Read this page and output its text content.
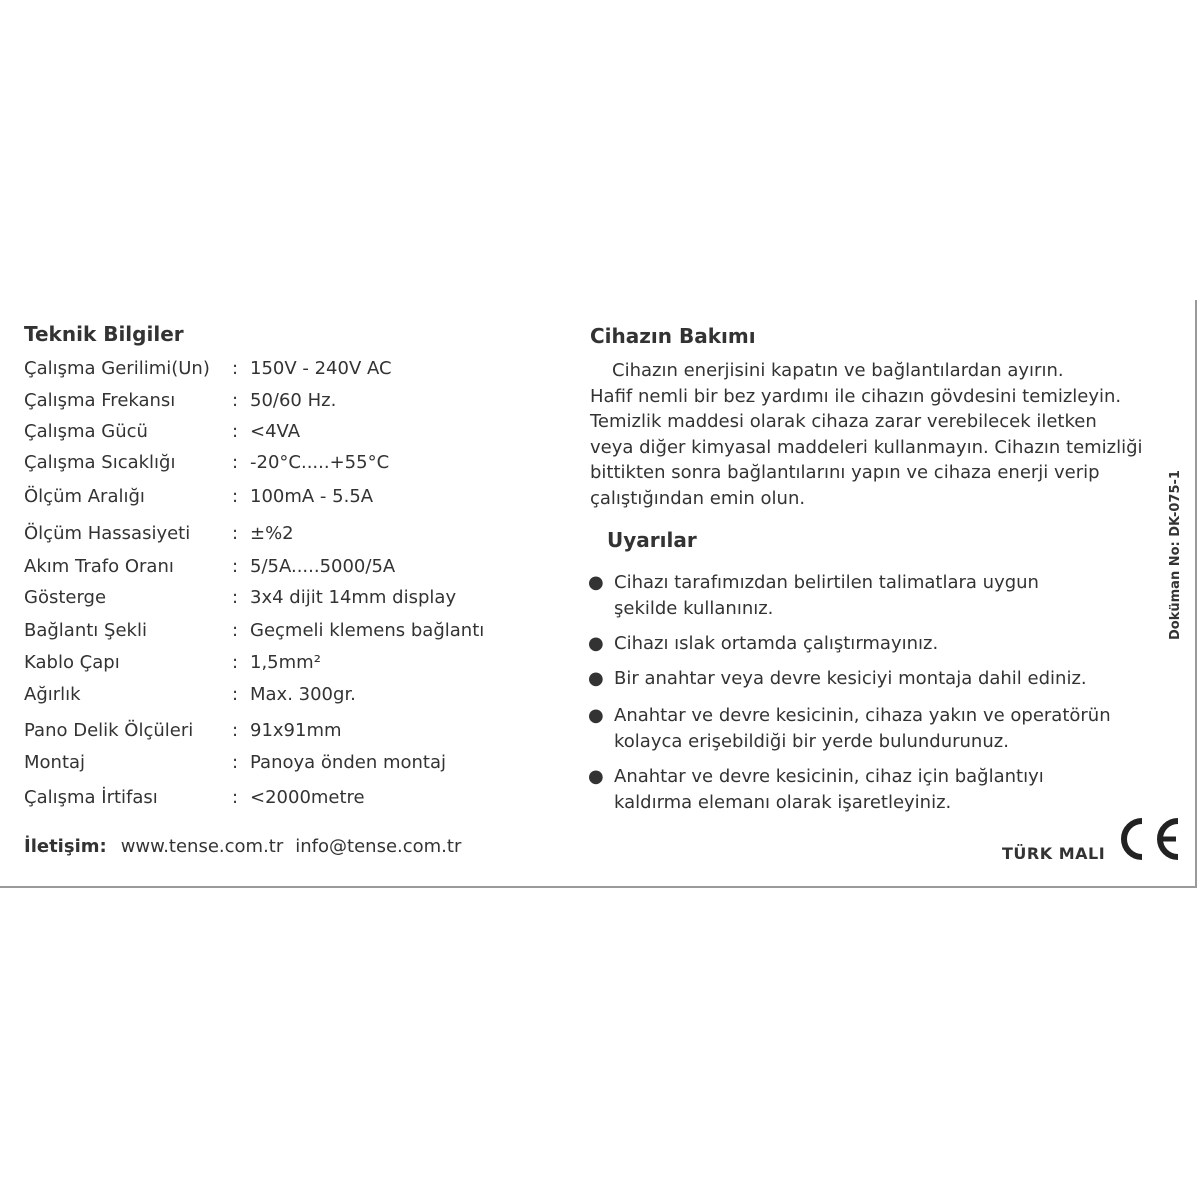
Teknik Bilgiler
Çalışma Gerilimi(Un) : 150V - 240V AC
Çalışma Frekansı	: 50/60 Hz.
Çalışma Gücü	: <4VA
Çalışma Sıcaklığı	: -20°C.....+55°C
Ölçüm Aralığı	: 100mA - 5.5A
Ölçüm Hassasiyeti : ±%2
Akım Trafo Oranı	: 5/5A.....5000/5A
Gösterge	: 3x4 dijit 14mm display
Bağlantı Şekli	: Geçmeli klemens bağlantı
Kablo Çapı	: 1,5mm²
Ağırlık	: Max. 300gr.
Pano Delik Ölçüleri : 91x91mm
Montaj	: Panoya önden montaj
Çalışma İrtifası	: <2000metre
İletişim: www.tense.com.tr info@tense.com.tr
Cihazın Bakımı
Cihazın enerjisini kapatın ve bağlantılardan ayırın.
Hafif nemli bir bez yardımı ile cihazın gövdesini temizleyin.
Temizlik maddesi olarak cihaza zarar verebilecek iletken
veya diğer kimyasal maddeleri kullanmayın. Cihazın temizliği
bittikten sonra bağlantılarını yapın ve cihaza enerji verip
çalıştığından emin olun.
Uyarılar
● Cihazı tarafımızdan belirtilen talimatlara uygun
şekilde kullanınız.
● Cihazı ıslak ortamda çalıştırmayınız.
● Bir anahtar veya devre kesiciyi montaja dahil ediniz.
● Anahtar ve devre kesicinin, cihaza yakın ve operatörün
kolayca erişebildiği bir yerde bulundurunuz.
● Anahtar ve devre kesicinin, cihaz için bağlantıyı
kaldırma elemanı olarak işaretleyiniz.
Doküman No: DK-075-1
TÜRK MALI
